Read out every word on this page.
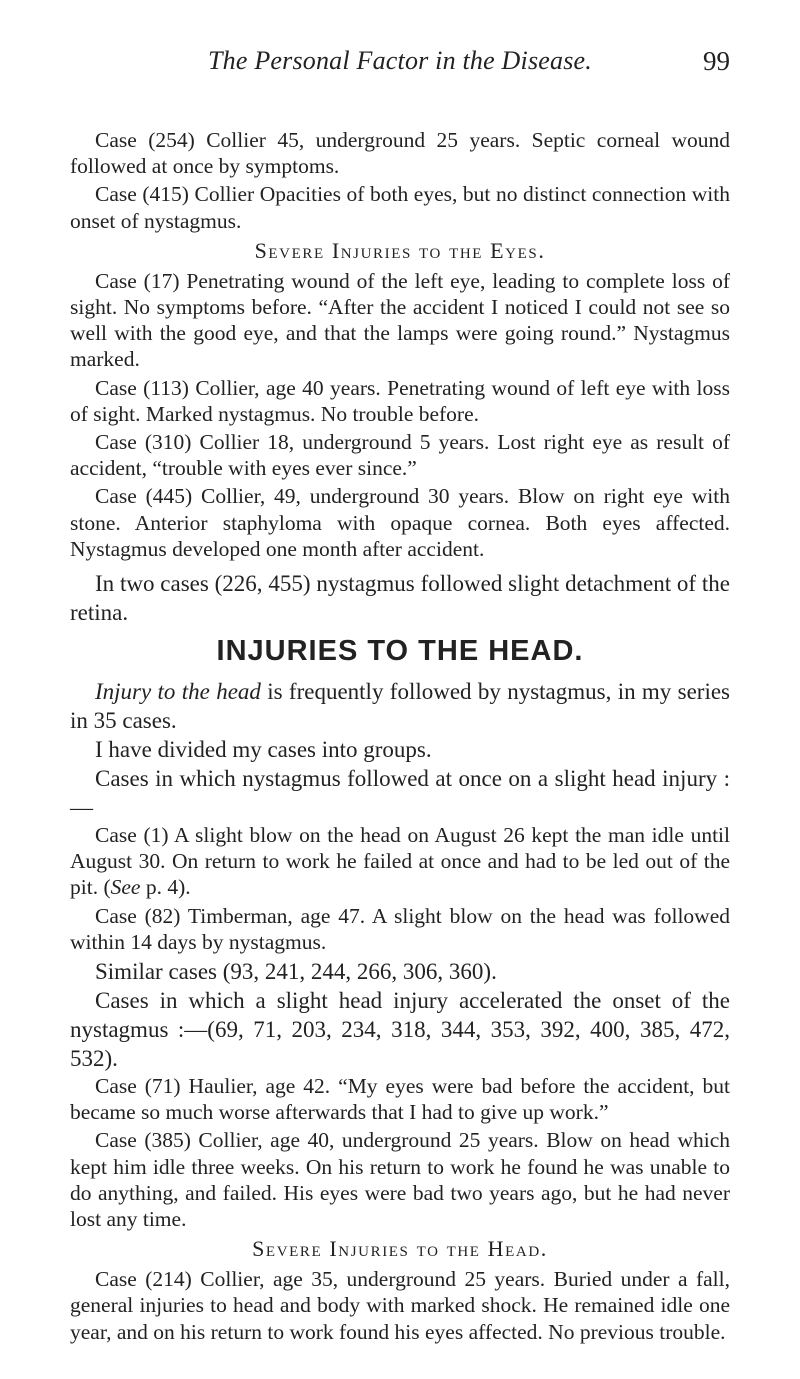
The Personal Factor in the Disease.	99

Case (254) Collier 45, underground 25 years. Septic corneal wound followed at once by symptoms.

Case (415) Collier Opacities of both eyes, but no distinct connection with onset of nystagmus.

Severe Injuries to the Eyes.

Case (17) Penetrating wound of the left eye, leading to complete loss of sight. No symptoms before. “After the accident I noticed I could not see so well with the good eye, and that the lamps were going round.” Nystagmus marked.

Case (113) Collier, age 40 years. Penetrating wound of left eye with loss of sight. Marked nystagmus. No trouble before.

Case (310) Collier 18, underground 5 years. Lost right eye as result of accident, “trouble with eyes ever since.”

Case (445) Collier, 49, underground 30 years. Blow on right eye with stone. Anterior staphyloma with opaque cornea. Both eyes affected. Nystagmus developed one month after accident.

In two cases (226, 455) nystagmus followed slight detachment of the retina.

INJURIES TO THE HEAD.

Injury to the head is frequently followed by nystagmus, in my series in 35 cases.

I have divided my cases into groups.

Cases in which nystagmus followed at once on a slight head injury :—

Case (1) A slight blow on the head on August 26 kept the man idle until August 30. On return to work he failed at once and had to be led out of the pit. (See p. 4).

Case (82) Timberman, age 47. A slight blow on the head was followed within 14 days by nystagmus.

Similar cases (93, 241, 244, 266, 306, 360).

Cases in which a slight head injury accelerated the onset of the nystagmus :—(69, 71, 203, 234, 318, 344, 353, 392, 400, 385, 472, 532).

Case (71) Haulier, age 42. “My eyes were bad before the accident, but became so much worse afterwards that I had to give up work.”

Case (385) Collier, age 40, underground 25 years. Blow on head which kept him idle three weeks. On his return to work he found he was unable to do anything, and failed. His eyes were bad two years ago, but he had never lost any time.

Severe Injuries to the Head.

Case (214) Collier, age 35, underground 25 years. Buried under a fall, general injuries to head and body with marked shock. He remained idle one year, and on his return to work found his eyes affected. No previous trouble.
